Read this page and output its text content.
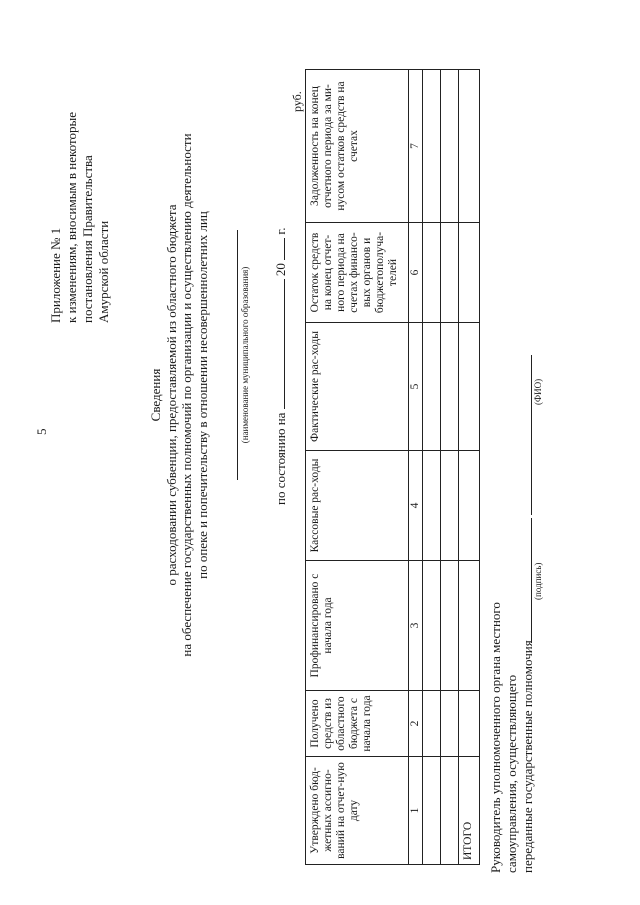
5
Приложение № 1 к изменениям, вносимым в некоторые постановления Правительства Амурской области
Сведения о расходовании субвенции, предоставляемой из областного бюджета на обеспечение государственных полномочий по организации и осуществлению деятельности по опеке и попечительству в отношении несовершеннолетних лиц	(наименование муниципального образования)
по состоянию на  20  г.
руб.
Утверждено бюд-жетных ассигно-ваний на отчет-ную дату	Получено средств из областного бюджета с начала года	Профинансировано с начала года	Кассовые рас-ходы	Фактические рас-ходы	Остаток средств на конец отчет-ного периода на счетах финансо-вых органов и бюджетополуча-телей	Задолженность на конец отчетного периода за ми-нусом остатков средств на счетах
1	2	3	4	5	6	7

ИТОГО						Руководитель уполномоченного органа местного самоуправления, осуществляющего переданные государственные полномочия
(подпись)
(ФИО)
